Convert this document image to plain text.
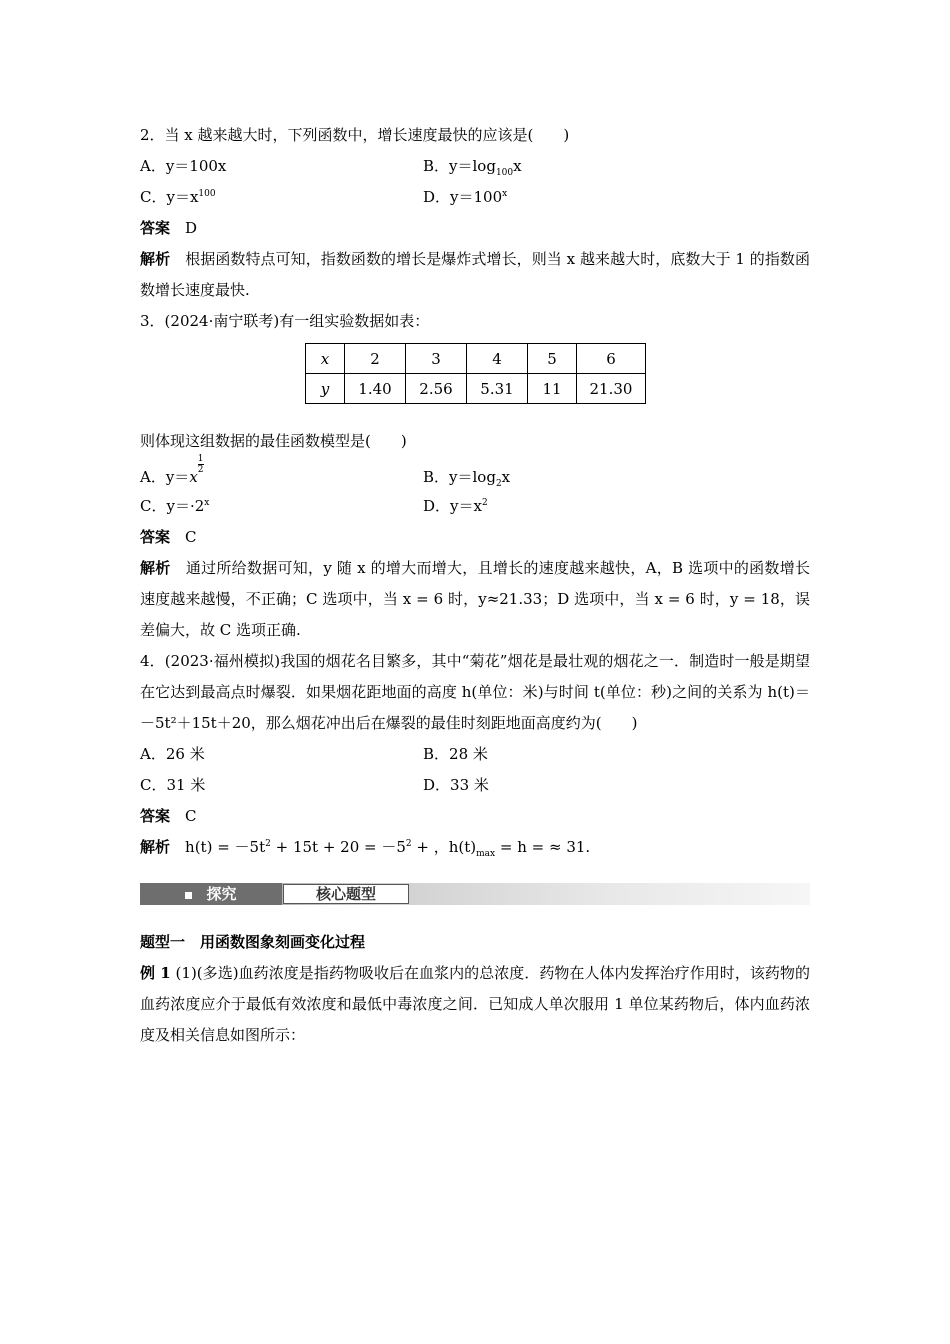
2．当 x 越来越大时，下列函数中，增长速度最快的应该是(　　)
A．y＝100x	B．$y=\log_{100}x$
C．$y=x^{100}$	D．$y=100^x$
答案　 D
解析　 根据函数特点可知，指数函数的增长是爆炸式增长，则当 x 越来越大时，底数大于 1 的指数函数增长速度最快.
3．(2024·南宁联考)有一组实验数据如表：
x	2	3	4	5	6
y	1.40	2.56	5.31	11	21.30
则体现这组数据的最佳函数模型是(　　)
A．y＝x
$\frac{1}{2}$
B．$y=\log_2x$
C．$y=\cdot 2^x$	D．$y=x^2$
答案　 C
解析　 通过所给数据可知，y 随 x 的增大而增大，且增长的速度越来越快，A，B 选项中的函数增长速度越来越慢，不正确；C 选项中，当 x = 6 时，y≈21.33；D 选项中，当 x = 6 时，y = 18，误差偏大，故 C 选项正确.
4．(2023·福州模拟)我国的烟花名目繁多，其中“菊花”烟花是最壮观的烟花之一．制造时一般是期望在它达到最高点时爆裂．如果烟花距地面的高度 h(单位：米)与时间 t(单位：秒)之间的关系为 h(t)＝－5t²＋15t＋20，那么烟花冲出后在爆裂的最佳时刻距地面高度约为(　　)
A．26 米	B．28 米
C．31 米	D．33 米
答案　 C
解析　 $h(t) = -5t^2 + 15t + 20 = -5^2$ + ，$h(t)_{max} = h$ = ≈ 31.
探究	核心题型
题型一　用函数图象刻画变化过程
例 1 (1)(多选)血药浓度是指药物吸收后在血浆内的总浓度．药物在人体内发挥治疗作用时，该药物的血药浓度应介于最低有效浓度和最低中毒浓度之间．已知成人单次服用 1 单位某药物后，体内血药浓度及相关信息如图所示：
